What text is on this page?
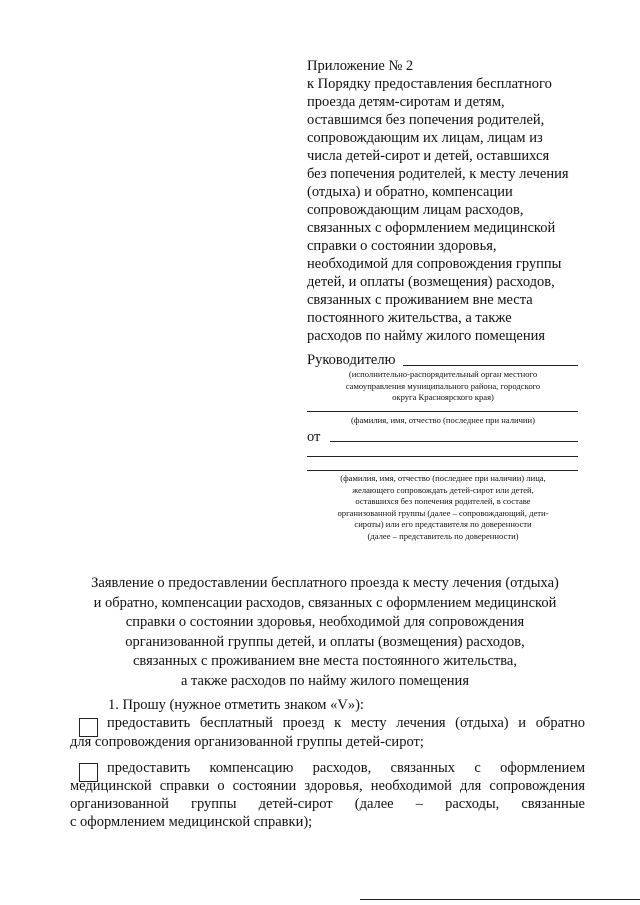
Приложение № 2
к Порядку предоставления бесплатного
проезда детям-сиротам и детям,
оставшимся без попечения родителей,
сопровождающим их лицам, лицам из
числа детей-сирот и детей, оставшихся
без попечения родителей, к месту лечения
(отдыха) и обратно, компенсации
сопровождающим лицам расходов,
связанных с оформлением медицинской
справки о состоянии здоровья,
необходимой для сопровождения группы
детей, и оплаты (возмещения) расходов,
связанных с проживанием вне места
постоянного жительства, а также
расходов по найму жилого помещения
Руководителю
(исполнительно-распорядительный орган местного
самоуправления муниципального района, городского
округа Красноярского края)
(фамилия, имя, отчество (последнее при наличии)
от
(фамилия, имя, отчество (последнее при наличии) лица,
желающего сопровождать детей-сирот или детей,
оставшихся без попечения родителей, в составе
организованной группы (далее – сопровождающий, дети-
сироты) или его представителя по доверенности
(далее – представитель по доверенности)
Заявление о предоставлении бесплатного проезда к месту лечения (отдыха)
и обратно, компенсации расходов, связанных с оформлением медицинской
справки о состоянии здоровья, необходимой для сопровождения
организованной группы детей, и оплаты (возмещения) расходов,
связанных с проживанием вне места постоянного жительства,
а также расходов по найму жилого помещения
1. Прошу (нужное отметить знаком «V»):
предоставить бесплатный проезд к месту лечения (отдыха) и обратно
для сопровождения организованной группы детей-сирот;
предоставить компенсацию расходов, связанных с оформлением
медицинской справки о состоянии здоровья, необходимой для сопровождения
организованной группы детей-сирот (далее – расходы, связанные
с оформлением медицинской справки);
